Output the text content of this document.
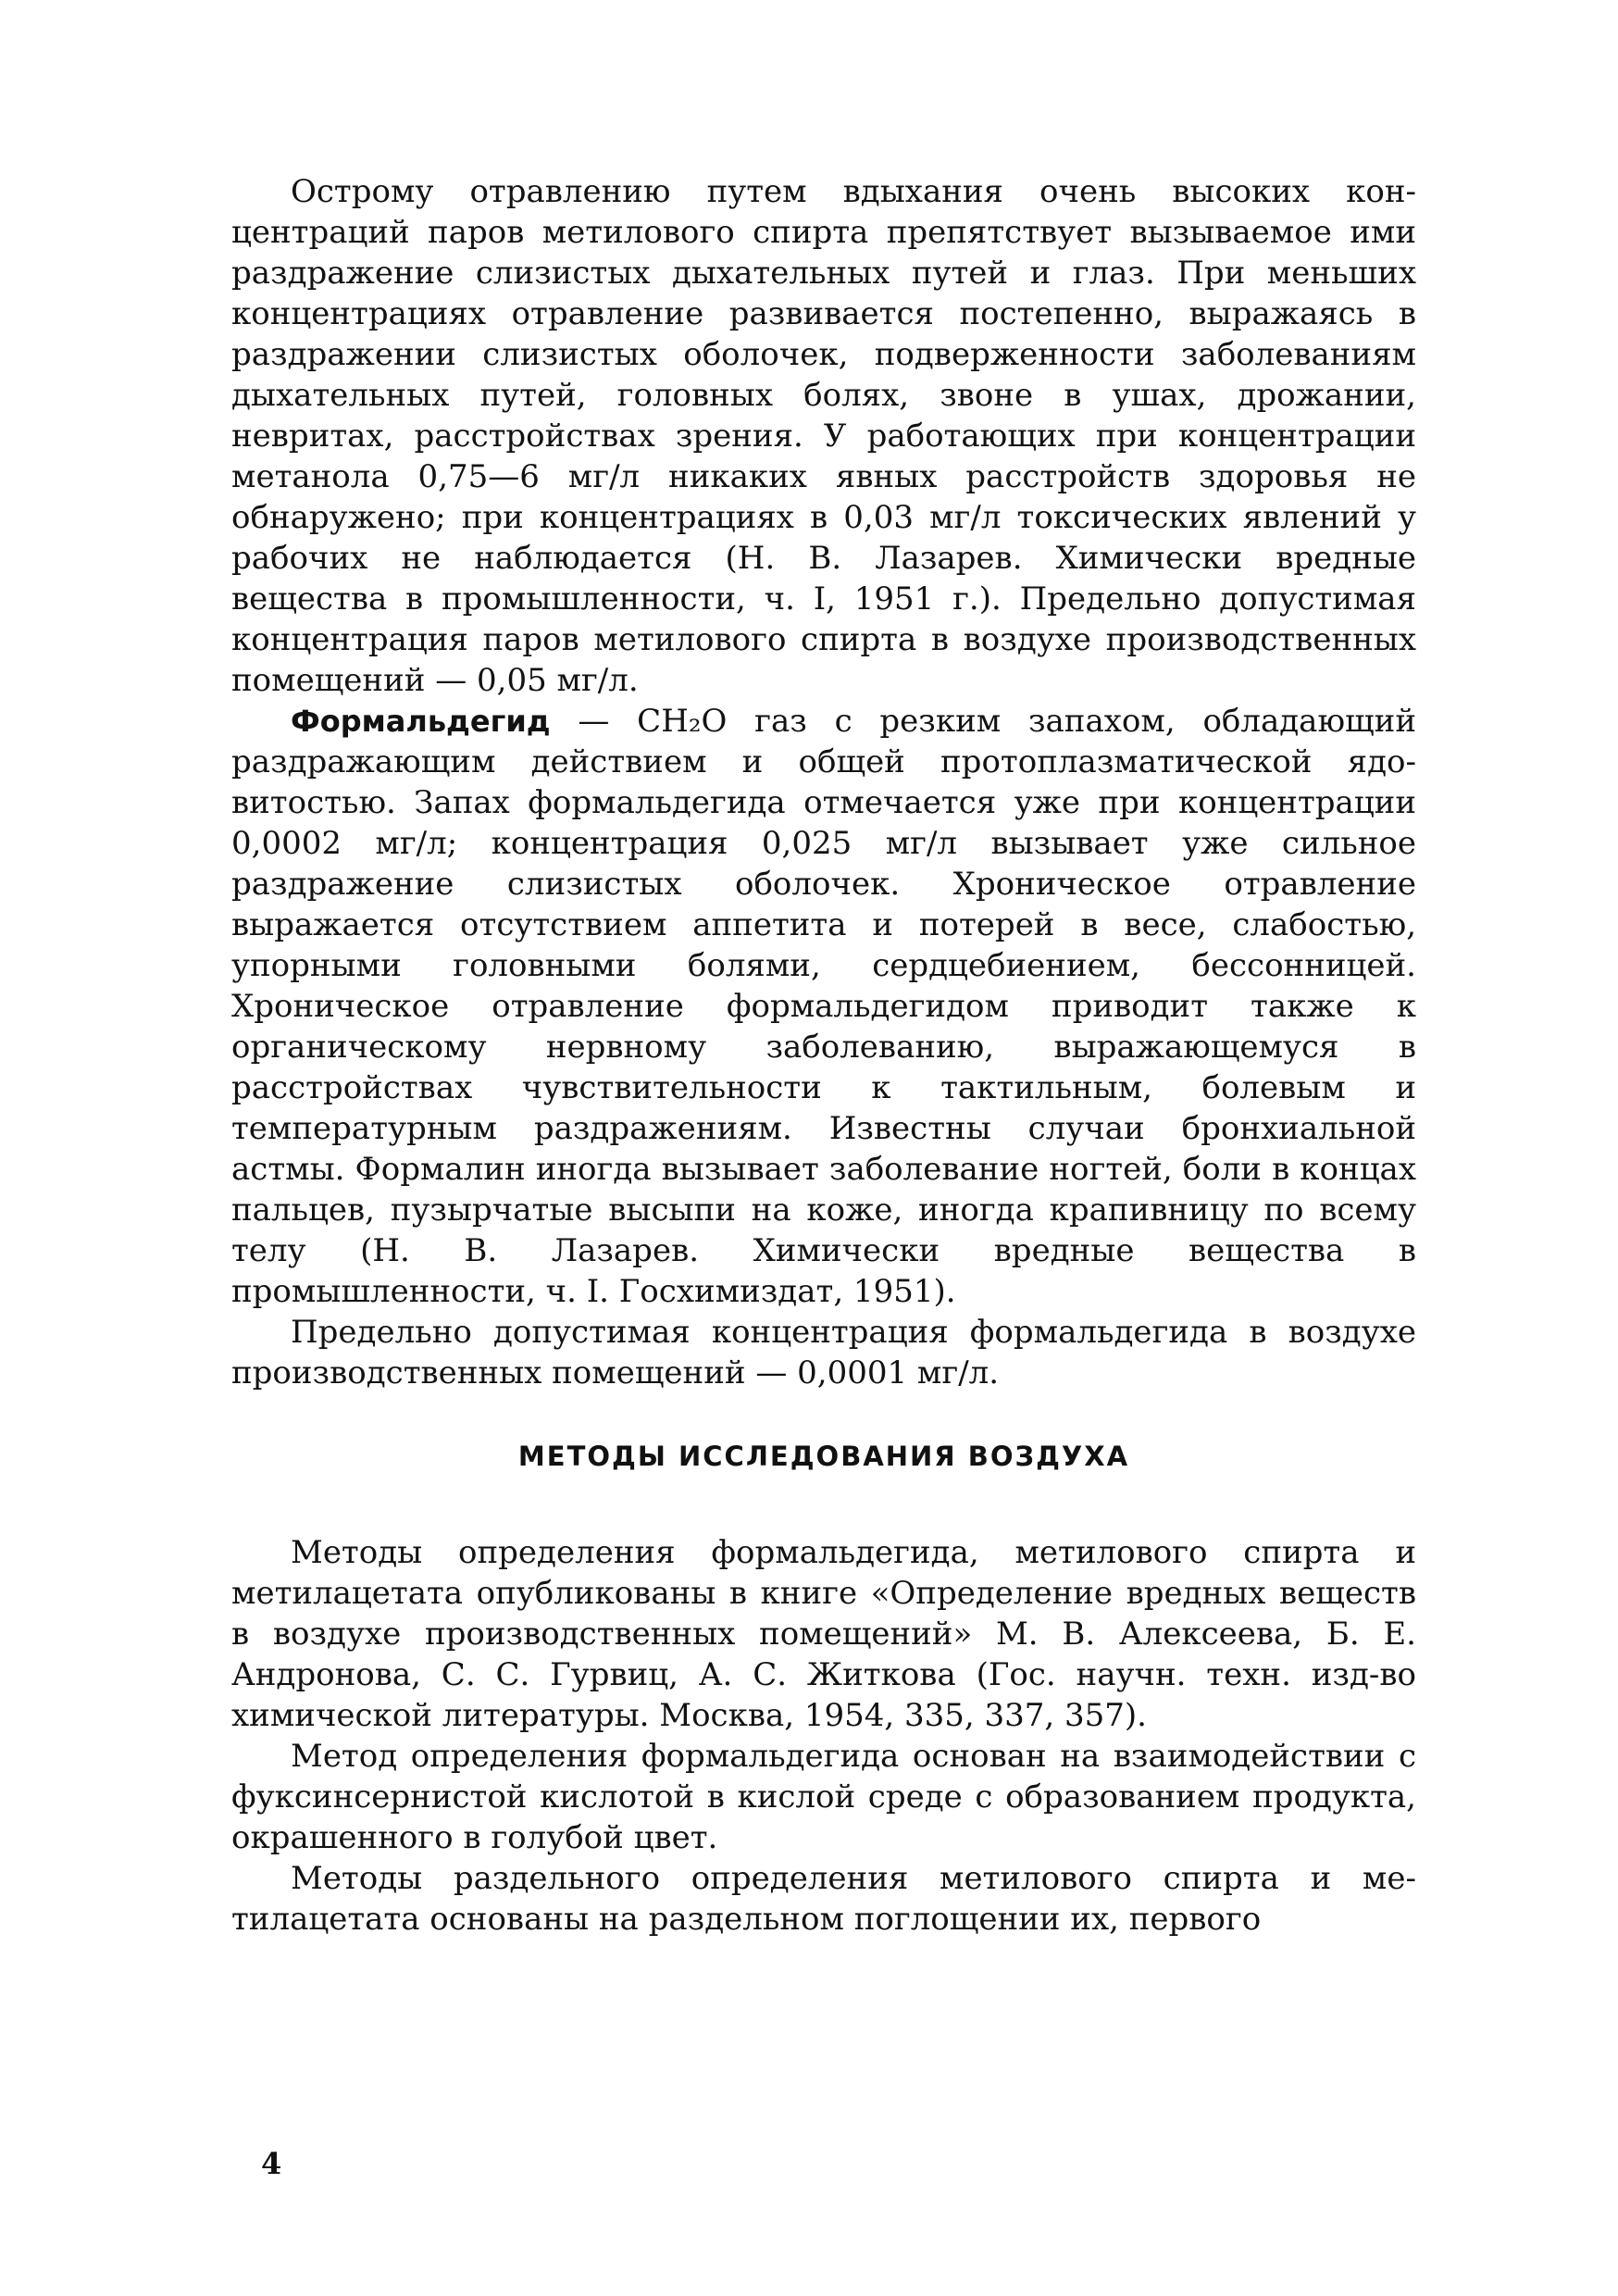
Острому отравлению путем вдыхания очень высоких концентраций паров метилового спирта препятствует вызываемое ими раздражение слизистых дыхательных путей и глаз. При меньших концентрациях отравление развивается постепенно, выражаясь в раздражении слизистых оболочек, подверженности заболеваниям дыхательных путей, головных болях, звоне в ушах, дрожании, невритах, расстройствах зрения. У работающих при концентрации метанола 0,75—6 мг/л никаких явных расстройств здоровья не обнаружено; при концентрациях в 0,03 мг/л токсических явлений у рабочих не наблюдается (Н. В. Лазарев. Химически вредные вещества в промышленности, ч. I, 1951 г.). Предельно допустимая концентрация паров метилового спирта в воздухе производственных помещений — 0,05 мг/л.

Формальдегид — CH₂O газ с резким запахом, обладающий раздражающим действием и общей протоплазматической ядовитостью. Запах формальдегида отмечается уже при концентрации 0,0002 мг/л; концентрация 0,025 мг/л вызывает уже сильное раздражение слизистых оболочек. Хроническое отравление выражается отсутствием аппетита и потерей в весе, слабостью, упорными головными болями, сердцебиением, бессонницей. Хроническое отравление формальдегидом приводит также к органическому нервному заболеванию, выражающемуся в расстройствах чувствительности к тактильным, болевым и температурным раздражениям. Известны случаи бронхиальной астмы. Формалин иногда вызывает заболевание ногтей, боли в концах пальцев, пузырчатые высыпи на коже, иногда крапивницу по всему телу (Н. В. Лазарев. Химически вредные вещества в промышленности, ч. I. Госхимиздат, 1951).

Предельно допустимая концентрация формальдегида в воздухе производственных помещений — 0,0001 мг/л.

МЕТОДЫ ИССЛЕДОВАНИЯ ВОЗДУХА

Методы определения формальдегида, метилового спирта и метилацетата опубликованы в книге «Определение вредных веществ в воздухе производственных помещений» М. В. Алексеева, Б. Е. Андронова, С. С. Гурвиц, А. С. Житкова (Гос. научн. техн. изд-во химической литературы. Москва, 1954, 335, 337, 357).

Метод определения формальдегида основан на взаимодействии с фуксинсернистой кислотой в кислой среде с образованием продукта, окрашенного в голубой цвет.

Методы раздельного определения метилового спирта и метилацетата основаны на раздельном поглощении их, первого

4
